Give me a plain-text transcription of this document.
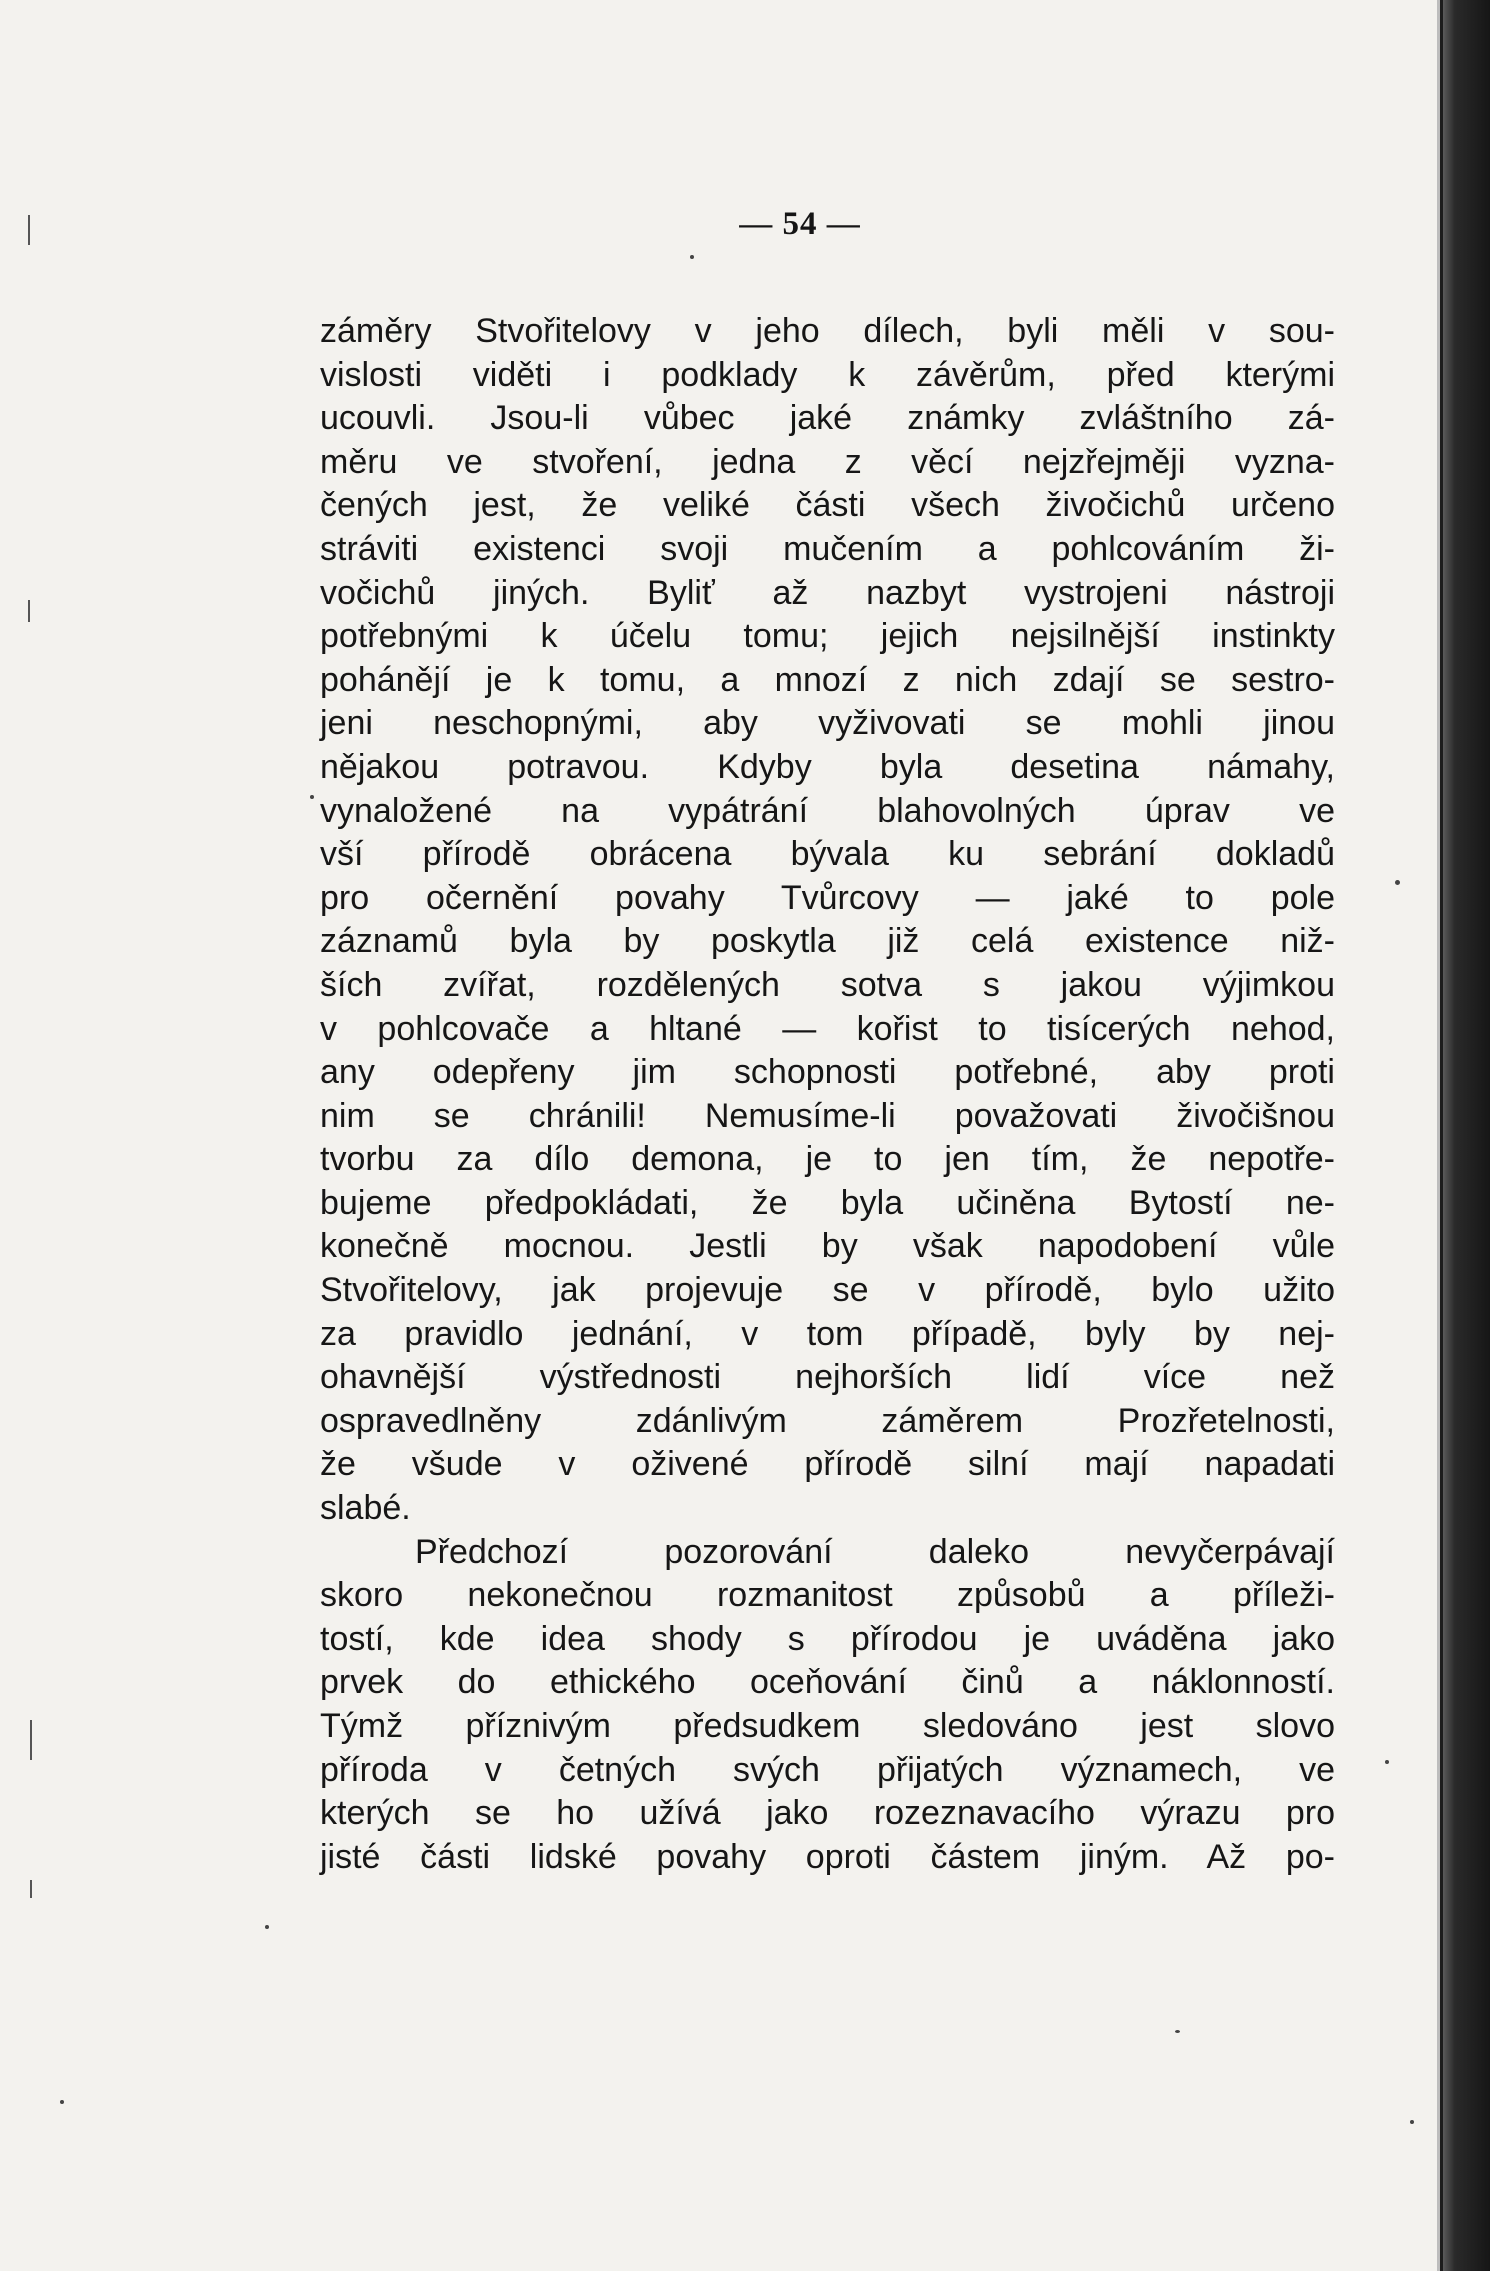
— 54 —
záměry Stvořitelovy v jeho dílech, byli měli v sou-
vislosti viděti i podklady k závěrům, před kterými
ucouvli. Jsou-li vůbec jaké známky zvláštního zá-
měru ve stvoření, jedna z věcí nejzřejměji vyzna-
čených jest, že veliké části všech živočichů určeno
stráviti existenci svoji mučením a pohlcováním ži-
vočichů jiných. Byliť až nazbyt vystrojeni nástroji
potřebnými k účelu tomu; jejich nejsilnější instinkty
pohánějí je k tomu, a mnozí z nich zdají se sestro-
jeni neschopnými, aby vyživovati se mohli jinou
nějakou potravou. Kdyby byla desetina námahy,
vynaložené na vypátrání blahovolných úprav ve
vší přírodě obrácena bývala ku sebrání dokladů
pro očernění povahy Tvůrcovy — jaké to pole
záznamů byla by poskytla již celá existence niž-
ších zvířat, rozdělených sotva s jakou výjimkou
v pohlcovače a hltané — kořist to tisícerých nehod,
any odepřeny jim schopnosti potřebné, aby proti
nim se chránili! Nemusíme-li považovati živočišnou
tvorbu za dílo demona, je to jen tím, že nepotře-
bujeme předpokládati, že byla učiněna Bytostí ne-
konečně mocnou. Jestli by však napodobení vůle
Stvořitelovy, jak projevuje se v přírodě, bylo užito
za pravidlo jednání, v tom případě, byly by nej-
ohavnější výstřednosti nejhorších lidí více než
ospravedlněny zdánlivým záměrem Prozřetelnosti,
že všude v oživené přírodě silní mají napadati
slabé.
Předchozí pozorování daleko nevyčerpávají
skoro nekonečnou rozmanitost způsobů a příleži-
tostí, kde idea shody s přírodou je uváděna jako
prvek do ethického oceňování činů a náklonností.
Týmž příznivým předsudkem sledováno jest slovo
příroda v četných svých přijatých významech, ve
kterých se ho užívá jako rozeznavacího výrazu pro
jisté části lidské povahy oproti částem jiným. Až po-
